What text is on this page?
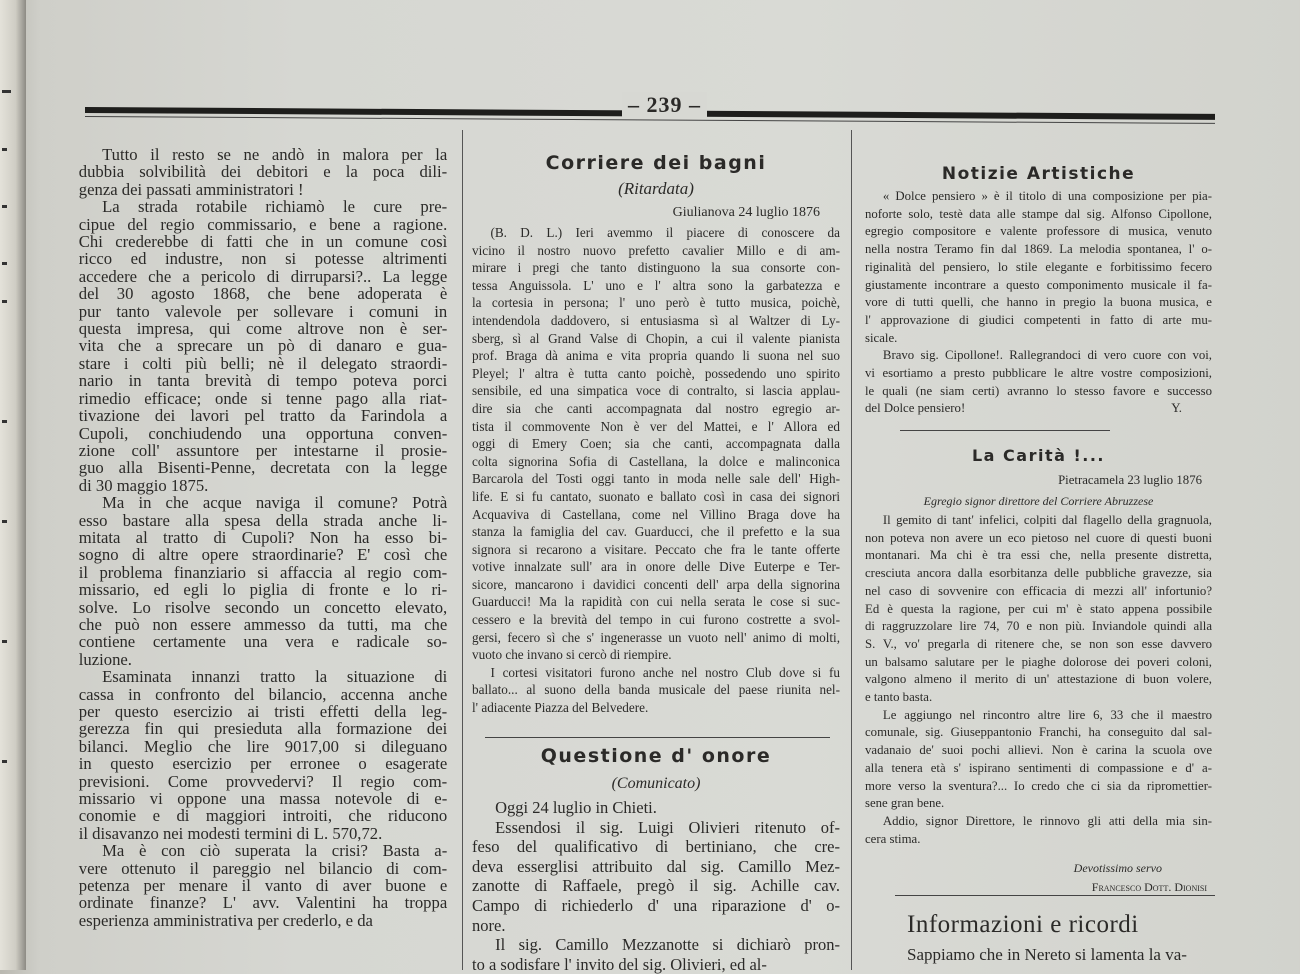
– 239 –
Tutto il resto se ne andò in malora per la
dubbia solvibilità dei debitori e la poca dili-
genza dei passati amministratori !
La strada rotabile richiamò le cure pre-
cipue del regio commissario, e bene a ragione.
Chi crederebbe di fatti che in un comune così
ricco ed industre, non si potesse altrimenti
accedere che a pericolo di dirruparsi?.. La legge
del 30 agosto 1868, che bene adoperata è
pur tanto valevole per sollevare i comuni in
questa impresa, qui come altrove non è ser-
vita che a sprecare un pò di danaro e gua-
stare i colti più belli; nè il delegato straordi-
nario in tanta brevità di tempo poteva porci
rimedio efficace; onde si tenne pago alla riat-
tivazione dei lavori pel tratto da Farindola a
Cupoli, conchiudendo una opportuna conven-
zione coll' assuntore per intestarne il prosie-
guo alla Bisenti-Penne, decretata con la legge
di 30 maggio 1875.
Ma in che acque naviga il comune? Potrà
esso bastare alla spesa della strada anche li-
mitata al tratto di Cupoli? Non ha esso bi-
sogno di altre opere straordinarie? E' così che
il problema finanziario si affaccia al regio com-
missario, ed egli lo piglia di fronte e lo ri-
solve. Lo risolve secondo un concetto elevato,
che può non essere ammesso da tutti, ma che
contiene certamente una vera e radicale so-
luzione.
Esaminata innanzi tratto la situazione di
cassa in confronto del bilancio, accenna anche
per questo esercizio ai tristi effetti della leg-
gerezza fin qui presieduta alla formazione dei
bilanci. Meglio che lire 9017,00 si dileguano
in questo esercizio per erronee o esagerate
previsioni. Come provvedervi? Il regio com-
missario vi oppone una massa notevole di e-
conomie e di maggiori introiti, che riducono
il disavanzo nei modesti termini di L. 570,72.
Ma è con ciò superata la crisi? Basta a-
vere ottenuto il pareggio nel bilancio di com-
petenza per menare il vanto di aver buone e
ordinate finanze? L' avv. Valentini ha troppa
esperienza amministrativa per crederlo, e da
Corriere dei bagni
(Ritardata)
Giulianova 24 luglio 1876
(B. D. L.) Ieri avemmo il piacere di conoscere da
vicino il nostro nuovo prefetto cavalier Millo e di am-
mirare i pregi che tanto distinguono la sua consorte con-
tessa Anguissola. L' uno e l' altra sono la garbatezza e
la cortesia in persona; l' uno però è tutto musica, poichè,
intendendola daddovero, si entusiasma sì al Waltzer di Ly-
sberg, sì al Grand Valse di Chopin, a cui il valente pianista
prof. Braga dà anima e vita propria quando li suona nel suo
Pleyel; l' altra è tutta canto poichè, possedendo uno spirito
sensibile, ed una simpatica voce di contralto, si lascia applau-
dire sia che canti accompagnata dal nostro egregio ar-
tista il commovente Non è ver del Mattei, e l' Allora ed
oggi di Emery Coen; sia che canti, accompagnata dalla
colta signorina Sofia di Castellana, la dolce e malinconica
Barcarola del Tosti oggi tanto in moda nelle sale dell' High-
life. E si fu cantato, suonato e ballato così in casa dei signori
Acquaviva di Castellana, come nel Villino Braga dove ha
stanza la famiglia del cav. Guarducci, che il prefetto e la sua
signora si recarono a visitare. Peccato che fra le tante offerte
votive innalzate sull' ara in onore delle Dive Euterpe e Ter-
sicore, mancarono i davidici concenti dell' arpa della signorina
Guarducci! Ma la rapidità con cui nella serata le cose si suc-
cessero e la brevità del tempo in cui furono costrette a svol-
gersi, fecero sì che s' ingenerasse un vuoto nell' animo di molti,
vuoto che invano si cercò di riempire.
I cortesi visitatori furono anche nel nostro Club dove si fu
ballato... al suono della banda musicale del paese riunita nel-
l' adiacente Piazza del Belvedere.
Questione d' onore
(Comunicato)
Oggi 24 luglio in Chieti.
Essendosi il sig. Luigi Olivieri ritenuto of-
feso del qualificativo di bertiniano, che cre-
deva esserglisi attribuito dal sig. Camillo Mez-
zanotte di Raffaele, pregò il sig. Achille cav.
Campo di richiederlo d' una riparazione d' o-
nore.
Il sig. Camillo Mezzanotte si dichiarò pron-
to a sodisfare l' invito del sig. Olivieri, ed al-
Notizie Artistiche
« Dolce pensiero » è il titolo di una composizione per pia-
noforte solo, testè data alle stampe dal sig. Alfonso Cipollone,
egregio compositore e valente professore di musica, venuto
nella nostra Teramo fin dal 1869. La melodia spontanea, l' o-
riginalità del pensiero, lo stile elegante e forbitissimo fecero
giustamente incontrare a questo componimento musicale il fa-
vore di tutti quelli, che hanno in pregio la buona musica, e
l' approvazione di giudici competenti in fatto di arte mu-
sicale.
Bravo sig. Cipollone!. Rallegrandoci di vero cuore con voi,
vi esortiamo a presto pubblicare le altre vostre composizioni,
le quali (ne siam certi) avranno lo stesso favore e successo
del Dolce pensiero!	Y.
La Carità !...
Pietracamela 23 luglio 1876
Egregio signor direttore del Corriere Abruzzese
Il gemito di tant' infelici, colpiti dal flagello della gragnuola,
non poteva non avere un eco pietoso nel cuore di questi buoni
montanari. Ma chi è tra essi che, nella presente distretta,
cresciuta ancora dalla esorbitanza delle pubbliche gravezze, sia
nel caso di sovvenire con efficacia di mezzi all' infortunio?
Ed è questa la ragione, per cui m' è stato appena possibile
di raggruzzolare lire 74, 70 e non più. Inviandole quindi alla
S. V., vo' pregarla di ritenere che, se non son esse davvero
un balsamo salutare per le piaghe dolorose dei poveri coloni,
valgono almeno il merito di un' attestazione di buon volere,
e tanto basta.
Le aggiungo nel rincontro altre lire 6, 33 che il maestro
comunale, sig. Giuseppantonio Franchi, ha conseguito dal sal-
vadanaio de' suoi pochi allievi. Non è carina la scuola ove
alla tenera età s' ispirano sentimenti di compassione e d' a-
more verso la sventura?... Io credo che ci sia da ripromettier-
sene gran bene.
Addio, signor Direttore, le rinnovo gli atti della mia sin-
cera stima.
Devotissimo servo
Francesco Dott. Dionisi
Informazioni e ricordi
Sappiamo che in Nereto si lamenta la va-
